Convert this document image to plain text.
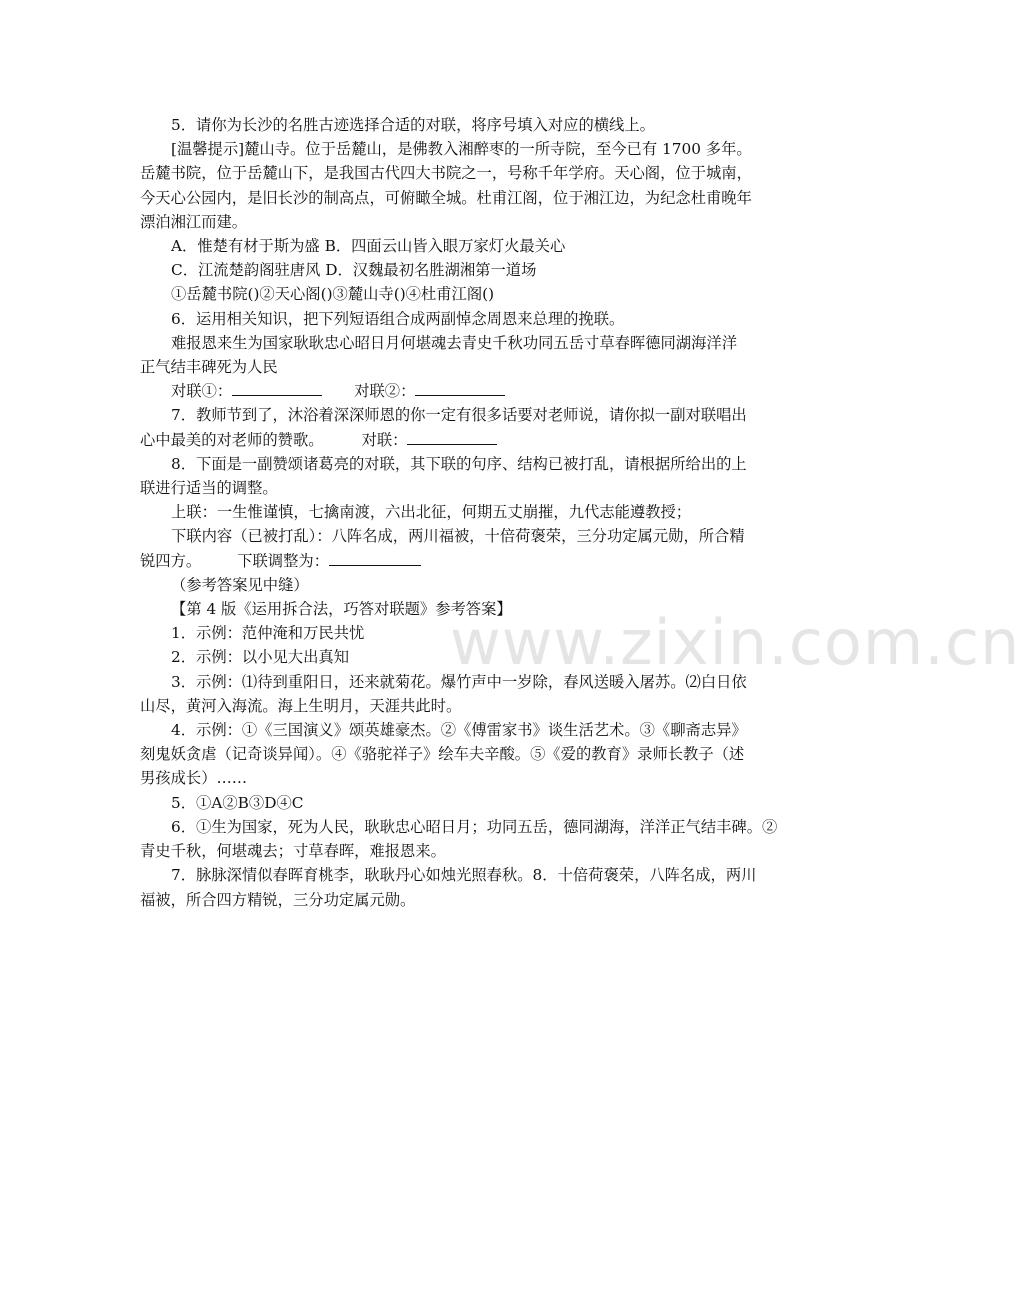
5．请你为长沙的名胜古迹选择合适的对联，将序号填入对应的横线上。

[温馨提示]麓山寺。位于岳麓山，是佛教入湘醉枣的一所寺院，至今已有 1700 多年。

岳麓书院，位于岳麓山下，是我国古代四大书院之一，号称千年学府。天心阁，位于城南，

今天心公园内，是旧长沙的制高点，可俯瞰全城。杜甫江阁，位于湘江边，为纪念杜甫晚年

漂泊湘江而建。

A．惟楚有材于斯为盛 B．四面云山皆入眼万家灯火最关心

C．江流楚韵阁驻唐风 D．汉魏最初名胜湖湘第一道场

①岳麓书院()②天心阁()③麓山寺()④杜甫江阁()

6．运用相关知识，把下列短语组合成两副悼念周恩来总理的挽联。

难报恩来生为国家耿耿忠心昭日月何堪魂去青史千秋功同五岳寸草春晖德同湖海洋洋

正气结丰碑死为人民

对联①：	对联②：

7．教师节到了，沐浴着深深师恩的你一定有很多话要对老师说，请你拟一副对联唱出

心中最美的对老师的赞歌。 对联：

8．下面是一副赞颂诸葛亮的对联，其下联的句序、结构已被打乱，请根据所给出的上

联进行适当的调整。

上联：一生惟谨慎，七擒南渡，六出北征，何期五丈崩摧，九代志能遵教授；

下联内容（已被打乱）：八阵名成，两川福被，十倍荷褒荣，三分功定属元勋，所合精

锐四方。 下联调整为：

（参考答案见中缝）

【第 4 版《运用拆合法，巧答对联题》参考答案】

1．示例：范仲淹和万民共忧

2．示例：以小见大出真知

3．示例：⑴待到重阳日，还来就菊花。爆竹声中一岁除，春风送暖入屠苏。⑵白日依

山尽，黄河入海流。海上生明月，天涯共此时。

4．示例：①《三国演义》颂英雄豪杰。②《傅雷家书》谈生活艺术。③《聊斋志异》

刻鬼妖贪虐（记奇谈异闻）。④《骆驼祥子》绘车夫辛酸。⑤《爱的教育》录师长教子（述

男孩成长）……

5．①A②B③D④C

6．①生为国家，死为人民，耿耿忠心昭日月；功同五岳，德同湖海，洋洋正气结丰碑。②

青史千秋，何堪魂去；寸草春晖，难报恩来。

7．脉脉深情似春晖育桃李，耿耿丹心如烛光照春秋。8．十倍荷褒荣，八阵名成，两川

福被，所合四方精锐，三分功定属元勋。

www.zixin.com.cn
